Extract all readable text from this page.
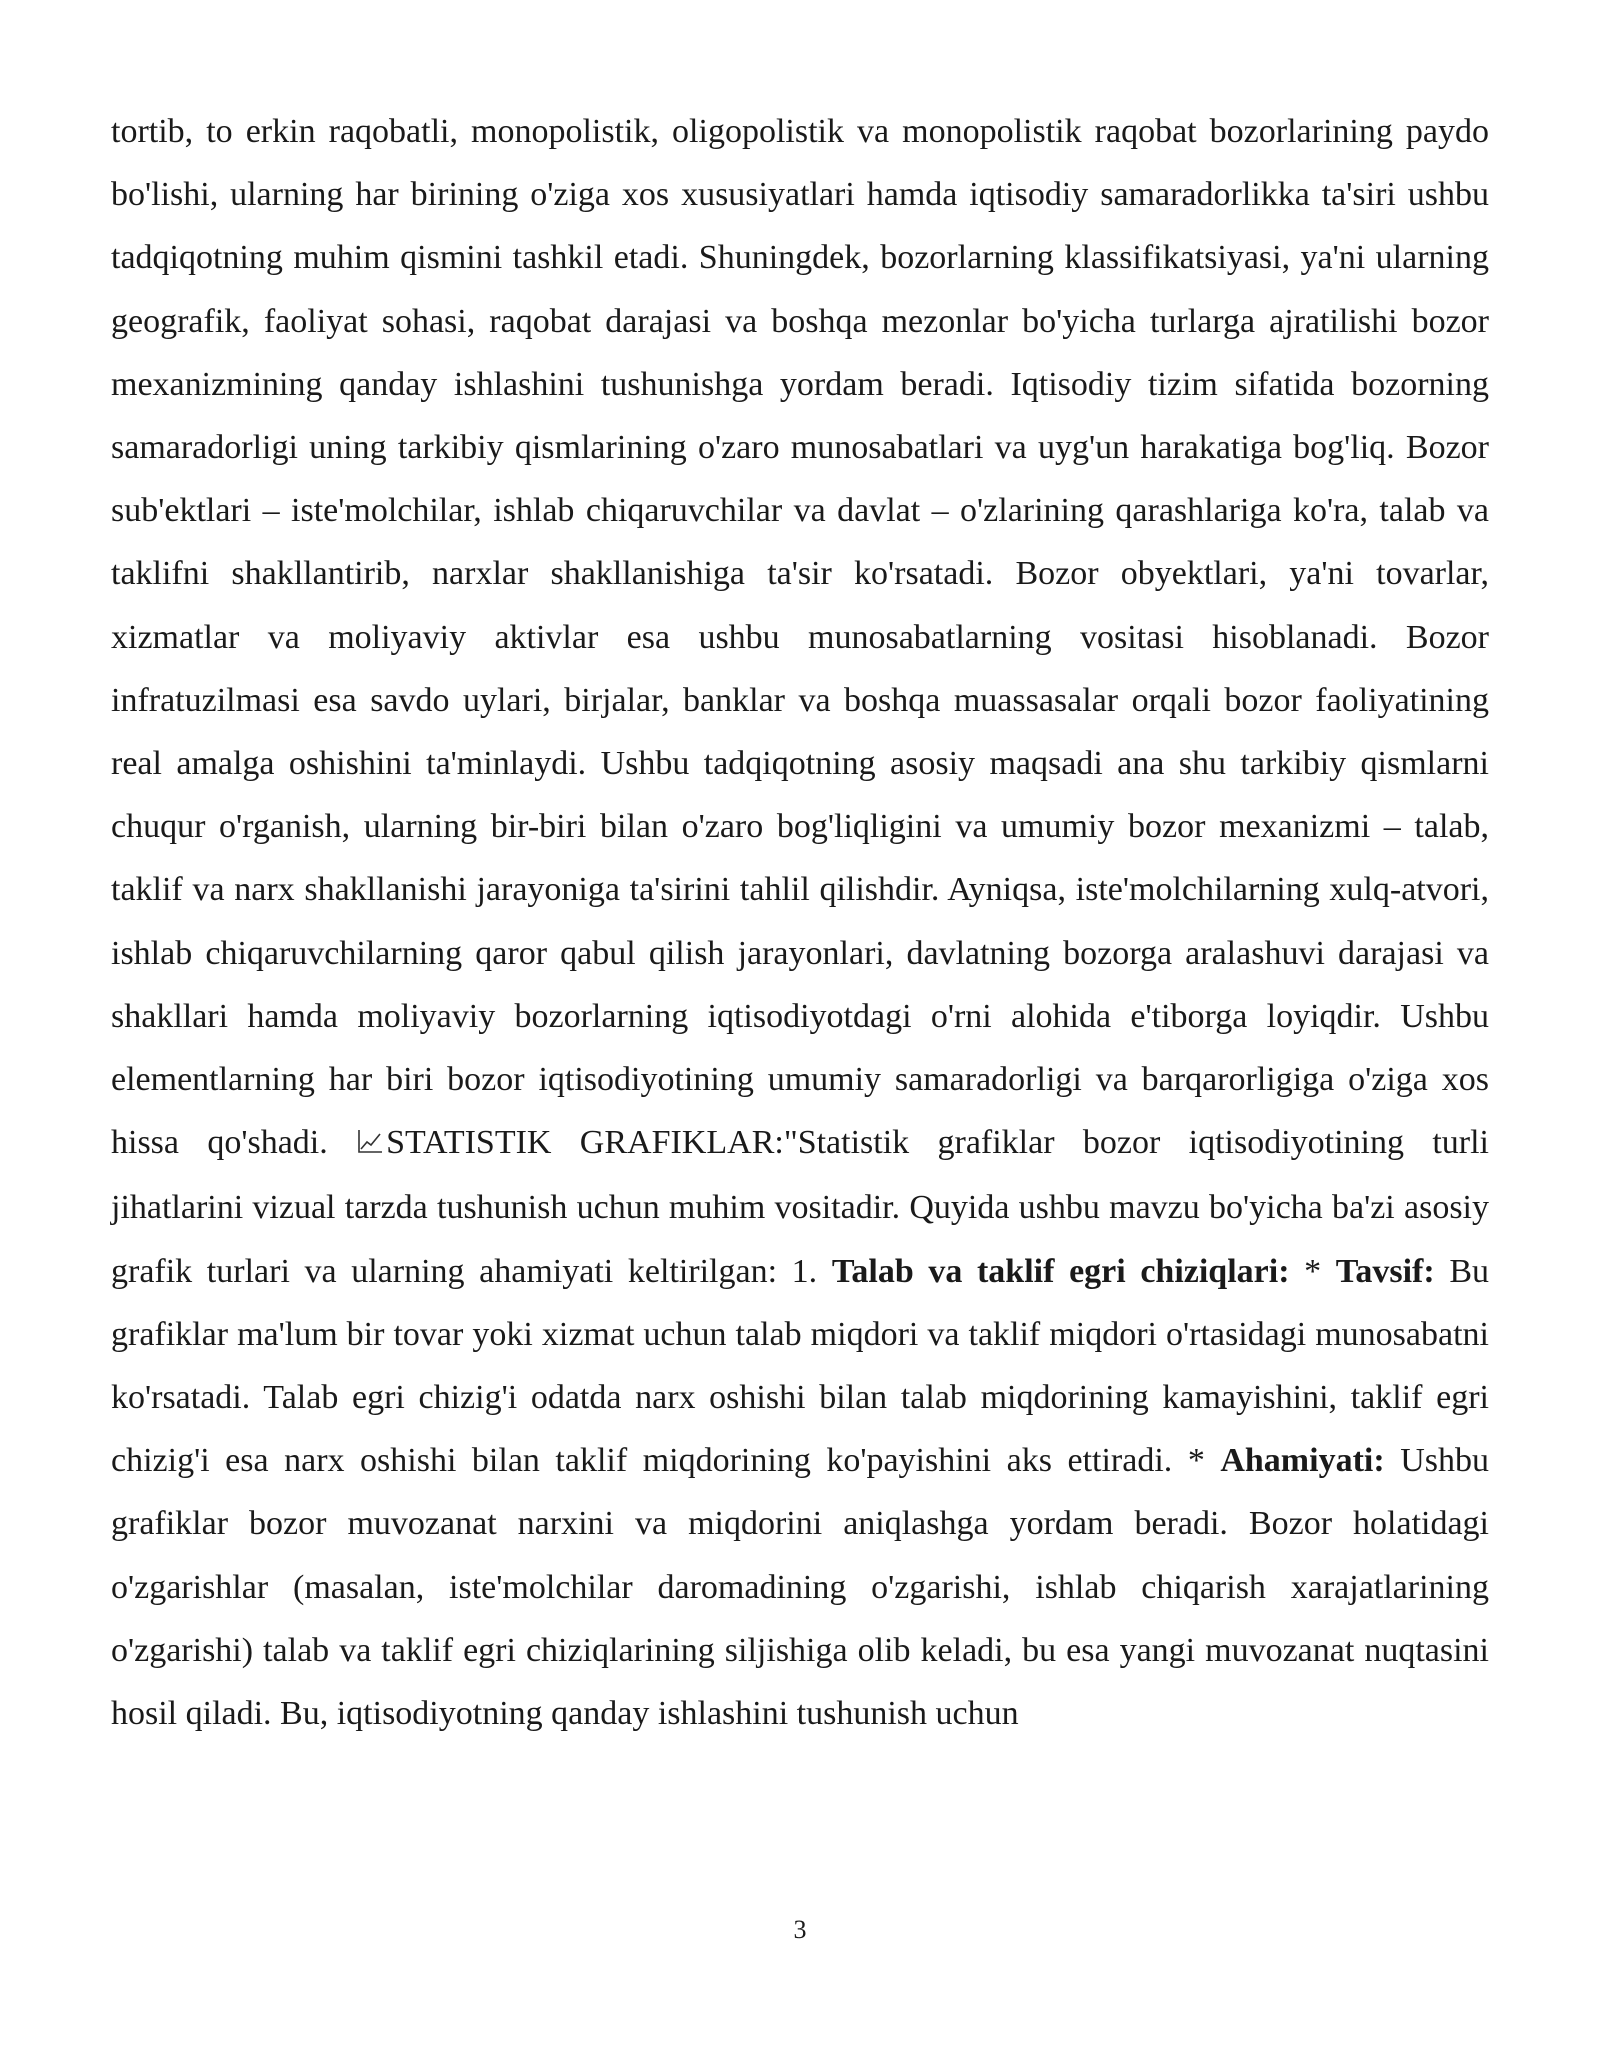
tortib, to erkin raqobatli, monopolistik, oligopolistik va monopolistik raqobat bozorlarining paydo bo'lishi, ularning har birining o'ziga xos xususiyatlari hamda iqtisodiy samaradorlikka ta'siri ushbu tadqiqotning muhim qismini tashkil etadi. Shuningdek, bozorlarning klassifikatsiyasi, ya'ni ularning geografik, faoliyat sohasi, raqobat darajasi va boshqa mezonlar bo'yicha turlarga ajratilishi bozor mexanizmining qanday ishlashini tushunishga yordam beradi. Iqtisodiy tizim sifatida bozorning samaradorligi uning tarkibiy qismlarining o'zaro munosabatlari va uyg'un harakatiga bog'liq. Bozor sub'ektlari – iste'molchilar, ishlab chiqaruvchilar va davlat – o'zlarining qarashlariga ko'ra, talab va taklifni shakllantirib, narxlar shakllanishiga ta'sir ko'rsatadi. Bozor obyektlari, ya'ni tovarlar, xizmatlar va moliyaviy aktivlar esa ushbu munosabatlarning vositasi hisoblanadi. Bozor infratuzilmasi esa savdo uylari, birjalar, banklar va boshqa muassasalar orqali bozor faoliyatining real amalga oshishini ta'minlaydi. Ushbu tadqiqotning asosiy maqsadi ana shu tarkibiy qismlarni chuqur o'rganish, ularning bir-biri bilan o'zaro bog'liqligini va umumiy bozor mexanizmi – talab, taklif va narx shakllanishi jarayoniga ta'sirini tahlil qilishdir. Ayniqsa, iste'molchilarning xulq-atvori, ishlab chiqaruvchilarning qaror qabul qilish jarayonlari, davlatning bozorga aralashuvi darajasi va shakllari hamda moliyaviy bozorlarning iqtisodiyotdagi o'rni alohida e'tiborga loyiqdir. Ushbu elementlarning har biri bozor iqtisodiyotining umumiy samaradorligi va barqarorligiga o'ziga xos hissa qo'shadi. STATISTIK GRAFIKLAR:"Statistik grafiklar bozor iqtisodiyotining turli jihatlarini vizual tarzda tushunish uchun muhim vositadir. Quyida ushbu mavzu bo'yicha ba'zi asosiy grafik turlari va ularning ahamiyati keltirilgan: 1. Talab va taklif egri chiziqlari: * Tavsif: Bu grafiklar ma'lum bir tovar yoki xizmat uchun talab miqdori va taklif miqdori o'rtasidagi munosabatni ko'rsatadi. Talab egri chizig'i odatda narx oshishi bilan talab miqdorining kamayishini, taklif egri chizig'i esa narx oshishi bilan taklif miqdorining ko'payishini aks ettiradi. * Ahamiyati: Ushbu grafiklar bozor muvozanat narxini va miqdorini aniqlashga yordam beradi. Bozor holatidagi o'zgarishlar (masalan, iste'molchilar daromadining o'zgarishi, ishlab chiqarish xarajatlarining o'zgarishi) talab va taklif egri chiziqlarining siljishiga olib keladi, bu esa yangi muvozanat nuqtasini hosil qiladi. Bu, iqtisodiyotning qanday ishlashini tushunish uchun

3
